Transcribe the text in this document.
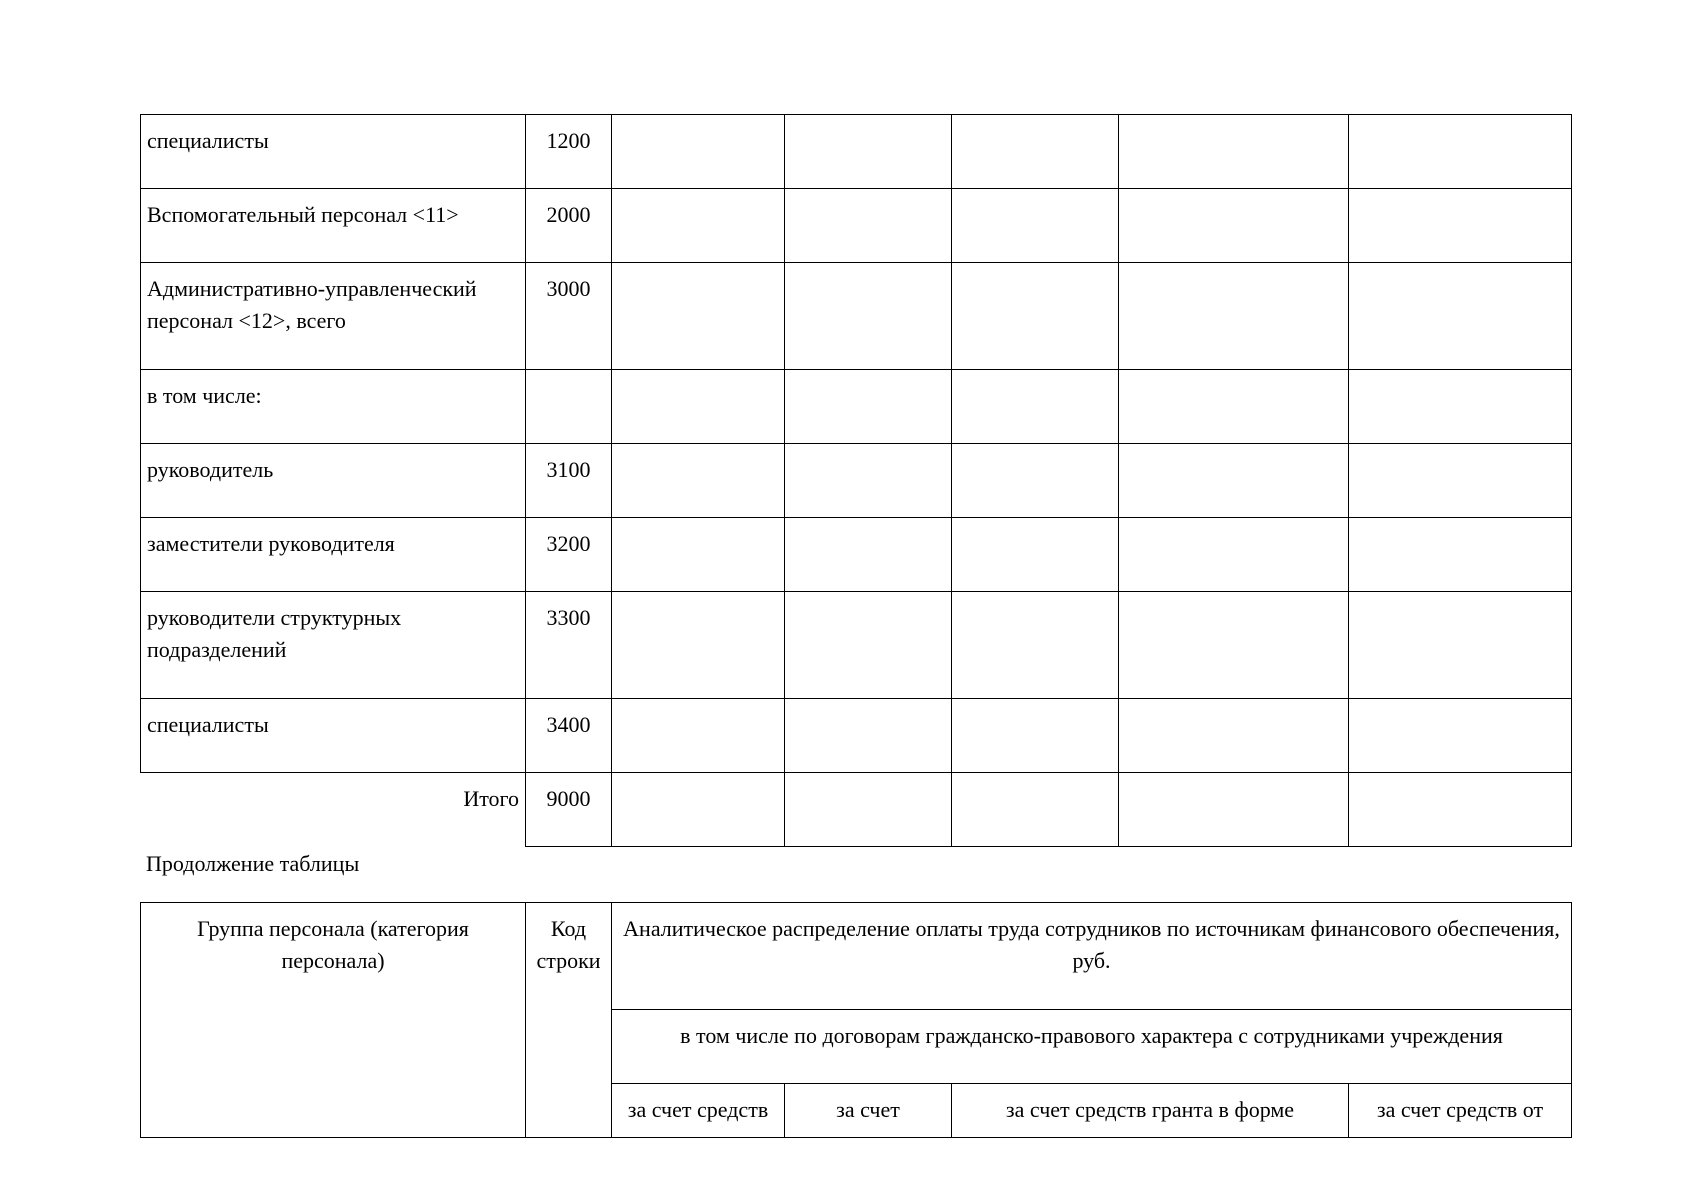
специалисты	1200					
Вспомогательный персонал <11>	2000					
Административно-управленческий персонал <12>, всего	3000					
в том числе:						
руководитель	3100					
заместители руководителя	3200					
руководители структурных подразделений	3300					
специалисты	3400					
Итого	9000					
Продолжение таблицы
Группа персонала (категория персонала)	Код строки	Аналитическое распределение оплаты труда сотрудников по источникам финансового обеспечения, руб.			
		в том числе по договорам гражданско-правового характера с сотрудниками учреждения			
		за счет средств	за счет	за счет средств гранта в форме	за счет средств от
